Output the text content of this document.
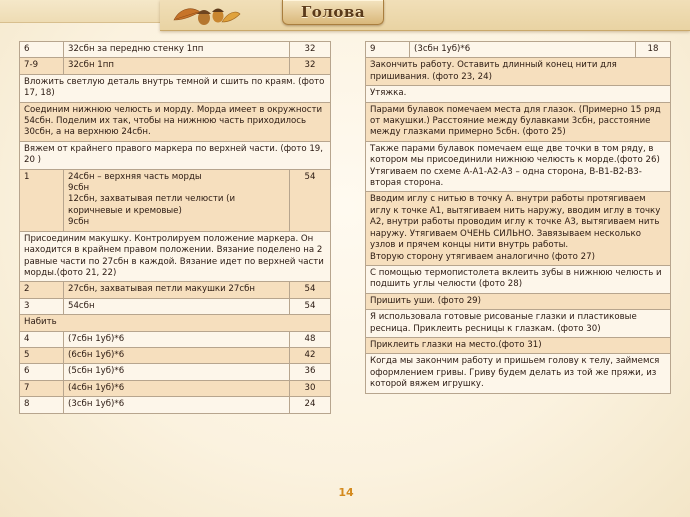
Голова
6	32сбн за передню стенку 1пп	32
7-9	32сбн 1пп	32
Вложить светлую деталь внутрь темной и сшить по краям. (фото 17, 18)		
Соединим нижнюю челюсть и морду. Морда имеет в окружности 54сбн. Поделим их так, чтобы на нижнюю часть приходилось 30сбн, а на верхнюю 24сбн.		
Вяжем от крайнего правого маркера по верхней части. (фото 19, 20 )		
1	24сбн – верхняя часть морды
9сбн
12сбн, захватывая петли челюсти (и коричневые и кремовые)
9сбн	54
Присоединим макушку. Контролируем положение маркера. Он находится в крайнем правом положении. Вязание поделено на 2 равные части по 27сбн в каждой. Вязание идет по верхней части морды.(фото 21, 22)		
2	27сбн, захватывая петли макушки 27сбн	54
3	54сбн	54
Набить		
4	(7сбн 1уб)*6	48
5	(6сбн 1уб)*6	42
6	(5сбн 1уб)*6	36
7	(4сбн 1уб)*6	30
8	(3сбн 1уб)*6	24
9	(3сбн 1уб)*6	18
Закончить работу. Оставить длинный конец нити для пришивания. (фото 23, 24)
Утяжка.
Парами булавок помечаем места для глазок. (Примерно 15 ряд от макушки.) Расстояние между булавками 3сбн, расстояние между глазками примерно 5сбн. (фото 25)

Также парами булавок помечаем еще две точки в том ряду, в котором мы присоединили нижнюю челюсть к морде.(фото 26)
Утягиваем по схеме А-А1-А2-А3 – одна сторона, В-В1-В2-В3-вторая сторона.

Вводим иглу с нитью в точку А. внутри работы протягиваем иглу к точке А1, вытягиваем нить наружу, вводим иглу в точку А2, внутри работы проводим иглу к точке А3, вытягиваем нить наружу. Утягиваем ОЧЕНЬ СИЛЬНО. Завязываем несколько узлов и прячем концы нити внутрь работы.
Вторую сторону утягиваем аналогично (фото 27)

С помощью термопистолета вклеить зубы в нижнюю челюсть и подшить углы челюсти (фото 28)
Пришить уши. (фото 29)
Я использовала готовые рисованые глазки и пластиковые ресница. Приклеить ресницы к глазкам. (фото 30)
Приклеить глазки на место.(фото 31)
Когда мы закончим работу и пришьем голову к телу, займемся оформлением гривы. Гриву будем делать из той же пряжи, из которой вяжем игрушку.
14
